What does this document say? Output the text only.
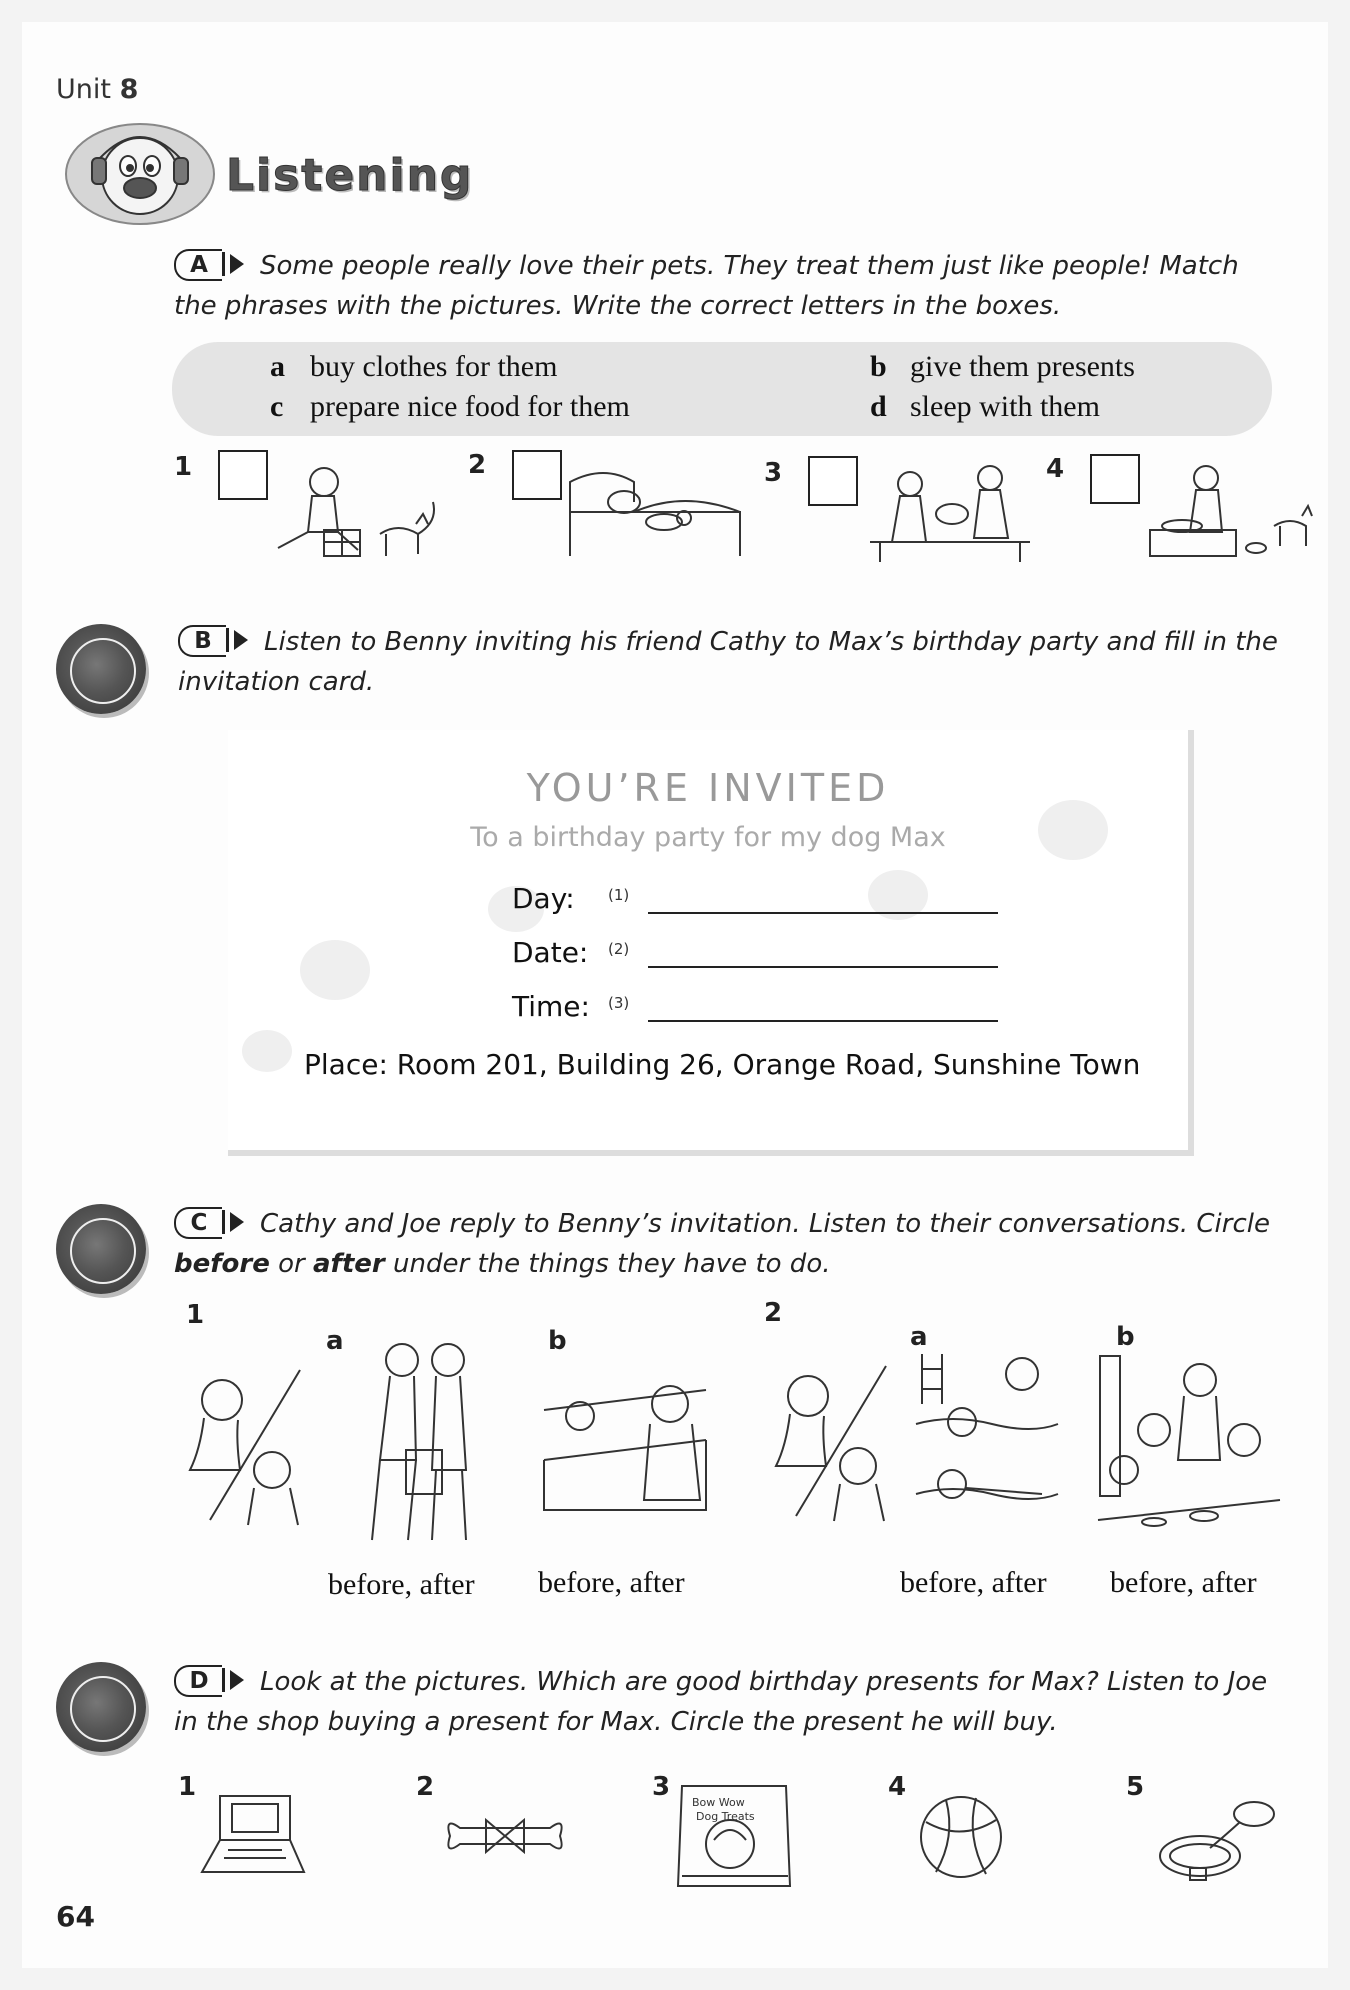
Unit 8
Listening
A	Some people really love their pets. They treat them just like people! Match the phrases with the pictures. Write the correct letters in the boxes.
a buy clothes for them	b give them presents
c prepare nice food for them	d sleep with them
1	2	3	4
B	Listen to Benny inviting his friend Cathy to Max’s birthday party and fill in the invitation card.
YOU’RE INVITED
To a birthday party for my dog Max
Day: (1)
Date: (2)
Time: (3)
Place: Room 201, Building 26, Orange Road, Sunshine Town
C	Cathy and Joe reply to Benny’s invitation. Listen to their conversations. Circle before or after under the things they have to do.
1
a	b
2
a	b
before, after before, after	before, after before, after
D	Look at the pictures. Which are good birthday presents for Max? Listen to Joe in the shop buying a present for Max. Circle the present he will buy.
1	2	3
Bow Wow
Dog Treats
4	5
64
